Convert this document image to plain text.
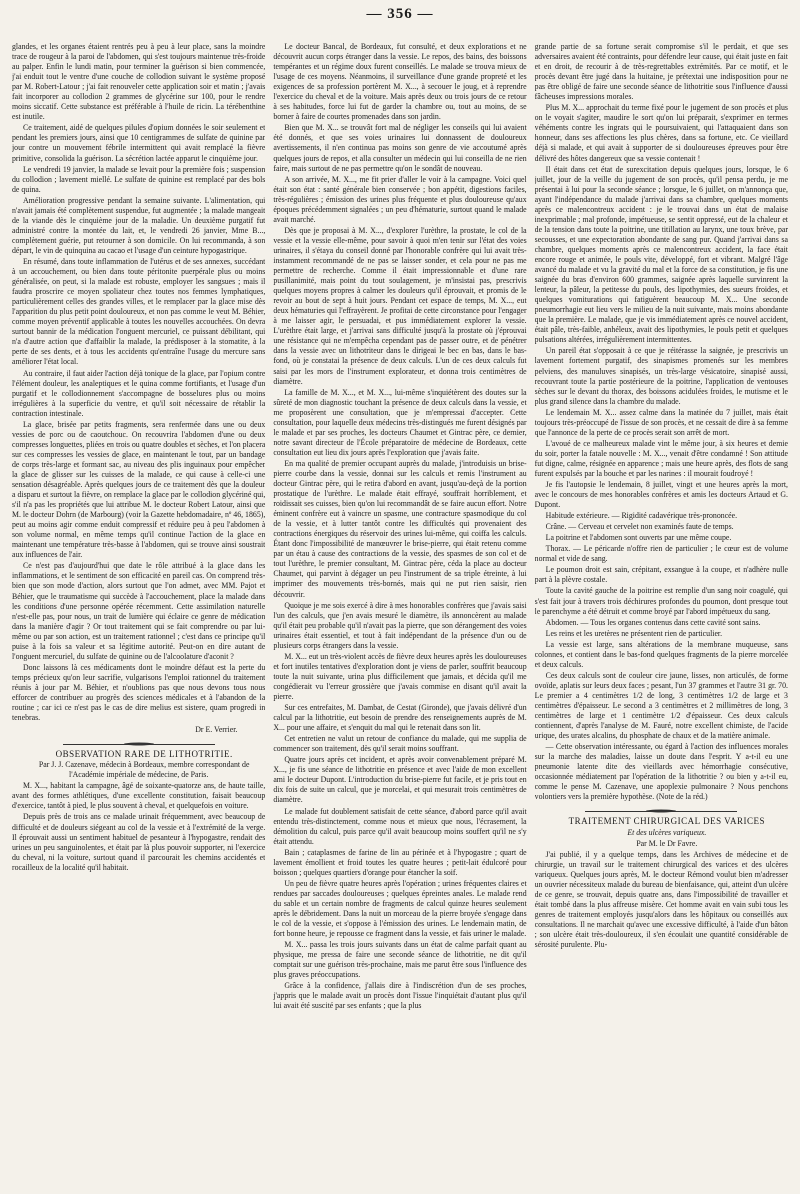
— 356 —

glandes, et les organes étaient rentrés peu à peu à leur place, sans la moindre trace de rougeur à la paroi de l'abdomen, qui s'est toujours maintenue très-froide au palper. Enfin le lundi matin, pour terminer la guérison si bien commencée, j'ai enduit tout le ventre d'une couche de collodion suivant le système proposé par M. Robert-Latour ; j'ai fait renouveler cette application soir et matin ; j'avais fait incorporer au collodion 2 grammes de glycérine sur 100, pour le rendre moins siccatif. Cette substance est préférable à l'huile de ricin. La térébenthine est inutile.

Ce traitement, aidé de quelques pilules d'opium données le soir seulement et pendant les premiers jours, ainsi que 10 centigrammes de sulfate de quinine par jour contre un mouvement fébrile intermittent qui avait remplacé la fièvre primitive, consolida la guérison. La sécrétion lactée apparut le cinquième jour.

Le vendredi 19 janvier, la malade se levait pour la première fois ; suspension du collodion ; lavement miellé. Le sulfate de quinine est remplacé par des bols de quina.

Amélioration progressive pendant la semaine suivante. L'alimentation, qui n'avait jamais été complètement suspendue, fut augmentée ; la malade mangeait de la viande dès le cinquième jour de la maladie. Un deuxième purgatif fut administré contre la montée du lait, et, le vendredi 26 janvier, Mme B..., complètement guérie, put retourner à son domicile. On lui recommanda, à son départ, le vin de quinquina au cacao et l'usage d'un ceinture hypogastrique.

En résumé, dans toute inflammation de l'utérus et de ses annexes, succédant à un accouchement, ou bien dans toute péritonite puerpérale plus ou moins généralisée, on peut, si la malade est robuste, employer les sangsues ; mais il faudra proscrire ce moyen spoliateur chez toutes nos femmes lymphatiques, particulièrement celles des grandes villes, et le remplacer par la glace mise dès l'apparition du plus petit point douloureux, et non pas comme le veut M. Béhier, comme moyen préventif applicable à toutes les nouvelles accouchées. On devra surtout bannir de la médication l'onguent mercuriel, ce puissant débilitant, qui n'a d'autre action que d'affaiblir la malade, la prédisposer à la stomatite, à la perte de ses dents, et à tous les accidents qu'entraîne l'usage du mercure sans améliorer l'état local.

Au contraire, il faut aider l'action déjà tonique de la glace, par l'opium contre l'élément douleur, les analeptiques et le quina comme fortifiants, et l'usage d'un purgatif et le collodionnement s'accompagne de bosselures plus ou moins irrégulières à la superficie du ventre, et qu'il soit nécessaire de rétablir la contraction intestinale.

La glace, brisée par petits fragments, sera renfermée dans une ou deux vessies de porc ou de caoutchouc. On recouvrira l'abdomen d'une ou deux compresses longuettes, pliées en trois ou quatre doubles et sèches, et l'on placera sur ces compresses les vessies de glace, en maintenant le tout, par un bandage de corps très-large et formant sac, au niveau des plis inguinaux pour empêcher la glace de glisser sur les cuisses de la malade, ce qui cause à celle-ci une sensation désagréable. Après quelques jours de ce traitement dès que la douleur a disparu et surtout la fièvre, on remplace la glace par le collodion glycériné qui, s'il n'a pas les propriétés que lui attribue M. le docteur Robert Latour, ainsi que M. le docteur Dohrn (de Marbourg) (voir la Gazette hebdomadaire, nº 46, 1865), peut au moins agir comme enduit compressif et réduire peu à peu l'abdomen à son volume normal, en même temps qu'il continue l'action de la glace en maintenant une température très-basse à l'abdomen, qui se trouve ainsi soustrait aux influences de l'air.

Ce n'est pas d'aujourd'hui que date le rôle attribué à la glace dans les inflammations, et le sentiment de son efficacité en pareil cas. On comprend très-bien que son mode d'action, alors surtout que l'on admet, avec MM. Pajot et Béhier, que le traumatisme qui succède à l'accouchement, place la malade dans les conditions d'une personne opérée récemment. Cette assimilation naturelle n'est-elle pas, pour nous, un trait de lumière qui éclaire ce genre de médication dans la manière d'agir ? Or tout traitement qui se fait comprendre ou par lui-même ou par son action, est un traitement rationnel ; c'est dans ce principe qu'il puise à la fois sa valeur et sa légitime autorité. Peut-on en dire autant de l'onguent mercuriel, du sulfate de quinine ou de l'alcoolature d'aconit ?

Donc laissons là ces médicaments dont le moindre défaut est la perte du temps précieux qu'on leur sacrifie, vulgarisons l'emploi rationnel du traitement réunis à jour par M. Béhier, et n'oublions pas que nous devons tous nous efforcer de contribuer au progrès des sciences médicales et à l'abandon de la routine ; car ici ce n'est pas le cas de dire melius est sistere, quam progredi in tenebras.

Dr E. Verrier.

OBSERVATION RARE DE LITHOTRITIE.

Par J. J. Cazenave, médecin à Bordeaux, membre correspondant de l'Académie impériale de médecine, de Paris.

M. X..., habitant la campagne, âgé de soixante-quatorze ans, de haute taille, avant des formes athlétiques, d'une excellente constitution, faisait beaucoup d'exercice, tantôt à pied, le plus souvent à cheval, et quelquefois en voiture.

Depuis près de trois ans ce malade urinait fréquemment, avec beaucoup de difficulté et de douleurs siégeant au col de la vessie et à l'extrémité de la verge. Il éprouvait aussi un sentiment habituel de pesanteur à l'hypogastre, rendait des urines un peu sanguinolentes, et était par là plus pouvoir supporter, ni l'exercice du cheval, ni la voiture, surtout quand il parcourait les chemins accidentés et rocailleux de la localité qu'il habitait.

Le docteur Bancal, de Bordeaux, fut consulté, et deux explorations et ne découvrit aucun corps étranger dans la vessie. Le repos, des bains, des boissons tempérantes et un régime doux furent conseillés. Le malade se trouva mieux de l'usage de ces moyens. Néanmoins, il surveillance d'une grande propreté et les exigences de sa profession portèrent M. X..., à secouer le joug, et à reprendre l'exercice du cheval et de la voiture. Mais après deux ou trois jours de ce retour à ses habitudes, force lui fut de garder la chambre ou, tout au moins, de se borner à faire de courtes promenades dans son jardin.

Bien que M. X... se trouvât fort mal de négliger les conseils qui lui avaient été donnés, et que ses voies urinaires lui donnassent de douloureux avertissements, il n'en continua pas moins son genre de vie accoutumé après quelques jours de repos, et alla consulter un médecin qui lui conseilla de ne rien faire, mais surtout de ne pas permettre qu'on le sondât de nouveau.

A son arrivée, M. X..., me fit prier d'aller le voir à la campagne. Voici quel était son état : santé générale bien conservée ; bon appétit, digestions faciles, très-régulières ; émission des urines plus fréquente et plus douloureuse qu'aux époques précédemment signalées ; un peu d'hématurie, surtout quand le malade avait marché.

Dès que je proposai à M. X..., d'explorer l'urèthre, la prostate, le col de la vessie et la vessie elle-même, pour savoir à quoi m'en tenir sur l'état des voies urinaires, il s'étaya du conseil donné par l'honorable confrère qui lui avait très-instamment recommandé de ne pas se laisser sonder, et cela pour ne pas me permettre de recherche. Comme il était impressionnable et d'une rare pusillanimité, mais point du tout soulagement, je m'insistai pas, prescrivis quelques moyens propres à calmer les douleurs qu'il éprouvait, et promis de le revoir au bout de sept à huit jours. Pendant cet espace de temps, M. X..., eut deux hématuries qui l'effrayèrent. Je profitai de cette circonstance pour l'engager à me laisser agir, le persuadai, et pus immédiatement explorer la vessie. L'urèthre était large, et j'arrivai sans difficulté jusqu'à la prostate où j'éprouvai une résistance qui ne m'empêcha cependant pas de passer outre, et de pénétrer dans la vessie avec un lithotriteur dans le dirigeai le bec en bas, dans le bas-fond, où je constatai la présence de deux calculs. L'un de ces deux calculs fut saisi par les mors de l'instrument explorateur, et donna trois centimètres de diamètre.

La famille de M. X..., et M. X..., lui-même s'inquiétèrent des doutes sur la sûreté de mon diagnostic touchant la présence de deux calculs dans la vessie, et me proposèrent une consultation, que je m'empressai d'accepter. Cette consultation, pour laquelle deux médecins très-distingués me furent désignés par le malade et par ses proches, les docteurs Chaumet et Gintrac père, ce dernier, notre savant directeur de l'École préparatoire de médecine de Bordeaux, cette consultation eut lieu dix jours après l'exploration que j'avais faite.

En ma qualité de premier occupant auprès du malade, j'introduisis un brise-pierre courbe dans la vessie, donnai sur les calculs et remis l'instrument au docteur Gintrac père, qui le retira d'abord en avant, jusqu'au-deçà de la portion prostatique de l'urèthre. Le malade était effrayé, souffrait horriblement, et roidissait ses cuisses, bien qu'on lui recommandât de se faire aucun effort. Notre éminent confrère eut à vaincre un spasme, une contracture spasmodique du col de la vessie, et à lutter tantôt contre les difficultés qui provenaient des contractions énergiques du réservoir des urines lui-même, qui coiffa les calculs. Étant donc l'impossibilité de manœuvrer le brise-pierre, qui était retenu comme par un étau à cause des contractions de la vessie, des spasmes de son col et de tout l'urèthre, le premier consultant, M. Gintrac père, céda la place au docteur Chaumet, qui parvint à dégager un peu l'instrument de sa triple étreinte, à lui imprimer des mouvements très-bornés, mais qui ne put rien saisir, rien découvrir.

Quoique je me sois exercé à dire à mes honorables confrères que j'avais saisi l'un des calculs, que j'en avais mesuré le diamètre, ils annoncèrent au malade qu'il était peu probable qu'il n'avait pas la pierre, que son dérangement des voies urinaires était essentiel, et tout à fait indépendant de la présence d'un ou de plusieurs corps étrangers dans la vessie.

M. X... eut un très-violent accès de fièvre deux heures après les douloureuses et fort inutiles tentatives d'exploration dont je viens de parler, souffrit beaucoup toute la nuit suivante, urina plus difficilement que jamais, et décida qu'il me congédierait vu l'erreur grossière que j'avais commise en disant qu'il avait la pierre.

Sur ces entrefaites, M. Dambat, de Cestat (Gironde), que j'avais délivré d'un calcul par la lithotritie, eut besoin de prendre des renseignements auprès de M. X... pour une affaire, et s'enquit du mal qui le retenait dans son lit.

Cet entretien ne valut un retour de confiance du malade, qui me supplia de commencer son traitement, dès qu'il serait moins souffrant.

Quatre jours après cet incident, et après avoir convenablement préparé M. X..., je fis une séance de lithotritie en présence et avec l'aide de mon excellent ami le docteur Dupont. L'introduction du brise-pierre fut facile, et je pris tout en dix fois de suite un calcul, que je morcelai, et qui mesurait trois centimètres de diamètre.

Le malade fut doublement satisfait de cette séance, d'abord parce qu'il avait entendu très-distinctement, comme nous et mieux que nous, l'écrasement, la démolition du calcul, puis parce qu'il avait beaucoup moins souffert qu'il ne s'y était attendu.

Bain ; cataplasmes de farine de lin au périnée et à l'hypogastre ; quart de lavement émollient et froid toutes les quatre heures ; petit-lait édulcoré pour boisson ; quelques quartiers d'orange pour étancher la soif.

Un peu de fièvre quatre heures après l'opération ; urines fréquentes claires et rendues par saccades douloureuses ; quelques épreintes anales. Le malade rend du sable et un certain nombre de fragments de calcul quinze heures seulement après le débridement. Dans la nuit un morceau de la pierre broyée s'engage dans le col de la vessie, et s'oppose à l'émission des urines. Le lendemain matin, de fort bonne heure, je repousse ce fragment dans la vessie, et fais uriner le malade.

M. X... passa les trois jours suivants dans un état de calme parfait quant au physique, me pressa de faire une seconde séance de lithotritie, ne dit qu'il comptait sur une guérison très-prochaine, mais me parut être sous l'influence des plus graves préoccupations.

Grâce à la confidence, j'allais dire à l'indiscrétion d'un de ses proches, j'appris que le malade avait un procès dont l'issue l'inquiétait d'autant plus qu'il lui avait été suscité par ses enfants ; que la plus

grande partie de sa fortune serait compromise s'il le perdait, et que ses adversaires avaient été contraints, pour défendre leur cause, qui était juste en fait et en droit, de recourir à de très-regrettables extrémités. Par ce motif, et le procès devant être jugé dans la huitaine, je prétextai une indisposition pour ne pas être obligé de faire une seconde séance de lithotritie sous l'influence d'aussi fâcheuses impressions morales.

Plus M. X... approchait du terme fixé pour le jugement de son procès et plus on le voyait s'agiter, maudire le sort qu'on lui préparait, s'exprimer en termes véhéments contre les ingrats qui le poursuivaient, qui l'attaquaient dans son honneur, dans ses affections les plus chères, dans sa fortune, etc. Ce vieillard déjà si malade, et qui avait à supporter de si douloureuses épreuves pour être délivré des hôtes dangereux que sa vessie contenait !

Il était dans cet état de surexcitation depuis quelques jours, lorsque, le 6 juillet, jour de la veille du jugement de son procès, qu'il pensa perdu, je me présentai à lui pour la seconde séance ; lorsque, le 6 juillet, on m'annonça que, ayant l'indépendance du malade j'arrivai dans sa chambre, quelques moments après ce malencontreux accident : je le trouvai dans un état de malaise inexprimable ; mal profonde, impétueuse, se sentit oppressé, eut de la chaleur et de la tension dans toute la poitrine, une titillation au larynx, une toux brève, par secousses, et une expectoration abondante de sang pur. Quand j'arrivai dans sa chambre, quelques moments après ce malencontreux accident, la face était encore rouge et animée, le pouls vite, développé, fort et vibrant. Malgré l'âge avancé du malade et vu la gravité du mal et la force de sa constitution, je fis une saignée du bras d'environ 600 grammes, saignée après laquelle survinrent la lenteur, la pâleur, la petitesse du pouls, des lipothymies, des sueurs froides, et quelques vomiturations qui fatiguèrent beaucoup M. X... Une seconde pneumorrhagie eut lieu vers le milieu de la nuit suivante, mais moins abondante que la première. Le malade, que je vis immédiatement après ce nouvel accident, était pâle, très-faible, anhéleux, avait des lipothymies, le pouls petit et quelques pulsations altérées, irrégulièrement intermittentes.

Un pareil état s'opposait à ce que je réitérasse la saignée, je prescrivis un lavement fortement purgatif, des sinapismes promenés sur les membres pelviens, des manuluves sinapisés, un très-large vésicatoire, sinapisé aussi, recouvrant toute la partie postérieure de la poitrine, l'application de ventouses sèches sur le devant du thorax, des boissons acidulées froides, le mutisme et le plus grand silence dans la chambre du malade.

Le lendemain M. X... assez calme dans la matinée du 7 juillet, mais était toujours très-préoccupé de l'issue de son procès, et ne cessait de dire à sa femme que l'annonce de la perte de ce procès serait son arrêt de mort.

L'avoué de ce malheureux malade vint le même jour, à six heures et demie du soir, porter la fatale nouvelle : M. X..., venait d'être condamné ! Son attitude fut digne, calme, résignée en apparence ; mais une heure après, des flots de sang furent expulsés par la bouche et par les narines : il mourait foudroyé !

Je fis l'autopsie le lendemain, 8 juillet, vingt et une heures après la mort, avec le concours de mes honorables confrères et amis les docteurs Artaud et G. Dupont.

Habitude extérieure. — Rigidité cadavérique très-prononcée.

Crâne. — Cerveau et cervelet non examinés faute de temps.

La poitrine et l'abdomen sont ouverts par une même coupe.

Thorax. — Le péricarde n'offre rien de particulier ; le cœur est de volume normal et vide de sang.

Le poumon droit est sain, crépitant, exsangue à la coupe, et n'adhère nulle part à la plèvre costale.

Toute la cavité gauche de la poitrine est remplie d'un sang noir coagulé, qui s'est fait jour à travers trois déchirures profondes du poumon, dont presque tout le parenchyme a été détruit et comme broyé par l'abord impétueux du sang.

Abdomen. — Tous les organes contenus dans cette cavité sont sains.

Les reins et les uretères ne présentent rien de particulier.

La vessie est large, sans altérations de la membrane muqueuse, sans colonnes, et contient dans le bas-fond quelques fragments de la pierre morcelée et deux calculs.

Ces deux calculs sont de couleur cire jaune, lisses, non articulés, de forme ovoïde, aplatis sur leurs deux faces ; pesant, l'un 37 grammes et l'autre 31 gr. 70. Le premier a 4 centimètres 1/2 de long, 3 centimètres 1/2 de large et 3 centimètres d'épaisseur. Le second a 3 centimètres et 2 millimètres de long, 3 centimètres de large et 1 centimètre 1/2 d'épaisseur. Ces deux calculs contiennent, d'après l'analyse de M. Fauré, notre excellent chimiste, de l'acide urique, des urates alcalins, du phosphate de chaux et de la matière animale.

— Cette observation intéressante, ou égard à l'action des influences morales sur la marche des maladies, laisse un doute dans l'esprit. Y a-t-il eu une pneumonie latente dite des vieillards avec hémorrhagie consécutive, occasionnée médiatement par l'opération de la lithotritie ? ou bien y a-t-il eu, comme le pense M. Cazenave, une apoplexie pulmonaire ? Nous penchons volontiers vers la première hypothèse. (Note de la réd.)

TRAITEMENT CHIRURGICAL DES VARICES

Et des ulcères variqueux.

Par M. le Dr Favre.

J'ai publié, il y a quelque temps, dans les Archives de médecine et de chirurgie, un travail sur le traitement chirurgical des varices et des ulcères variqueux. Quelques jours après, M. le docteur Rémond voulut bien m'adresser un ouvrier nécessiteux malade du bureau de bienfaisance, qui, atteint d'un ulcère de ce genre, se trouvait, depuis quatre ans, dans l'impossibilité de travailler et était tombé dans la plus affreuse misère. Cet homme avait en vain subi tous les genres de traitement employés jusqu'alors dans les hôpitaux ou conseillés aux consultations. Il ne marchait qu'avec une excessive difficulté, à l'aide d'un bâton ; son ulcère était très-douloureux, il s'en écoulait une quantité considérable de sérosité purulente. Plu-
